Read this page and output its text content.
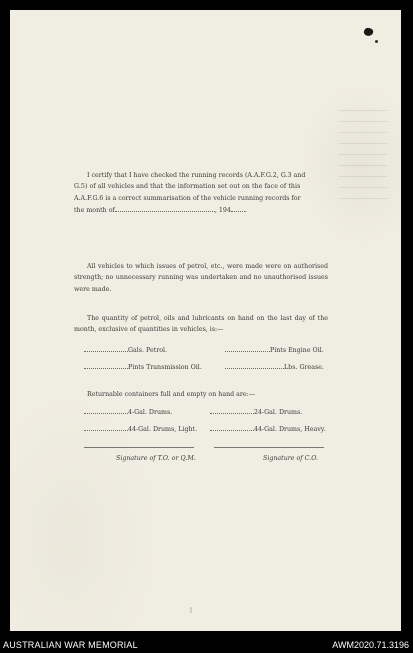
I certify that I have checked the running records (A.A.F.G.2, G.3 and
G.5) of all vehicles and that the information set out on the face of this
A.A.F.G.6 is a correct summarisation of the vehicle running records for
the month of	, 194 .

All vehicles to which issues of petrol, etc., were made were on authorised strength; no unnecessary running was undertaken and no unauthorised issues were made.

The quantity of petrol, oils and lubricants on hand on the last day of the month, exclusive of quantities in vehicles, is:—

Gals. Petrol.	Pints Engine Oil.
Pints Transmission Oil.	Lbs. Grease.
Returnable containers full and empty on hand are:—
4-Gal. Drums.	24-Gal. Drums.
44-Gal. Drums, Light.	44-Gal. Drums, Heavy.
Signature of T.O. or Q.M.	Signature of C.O.
AUSTRALIAN WAR MEMORIAL	AWM2020.71.3196
